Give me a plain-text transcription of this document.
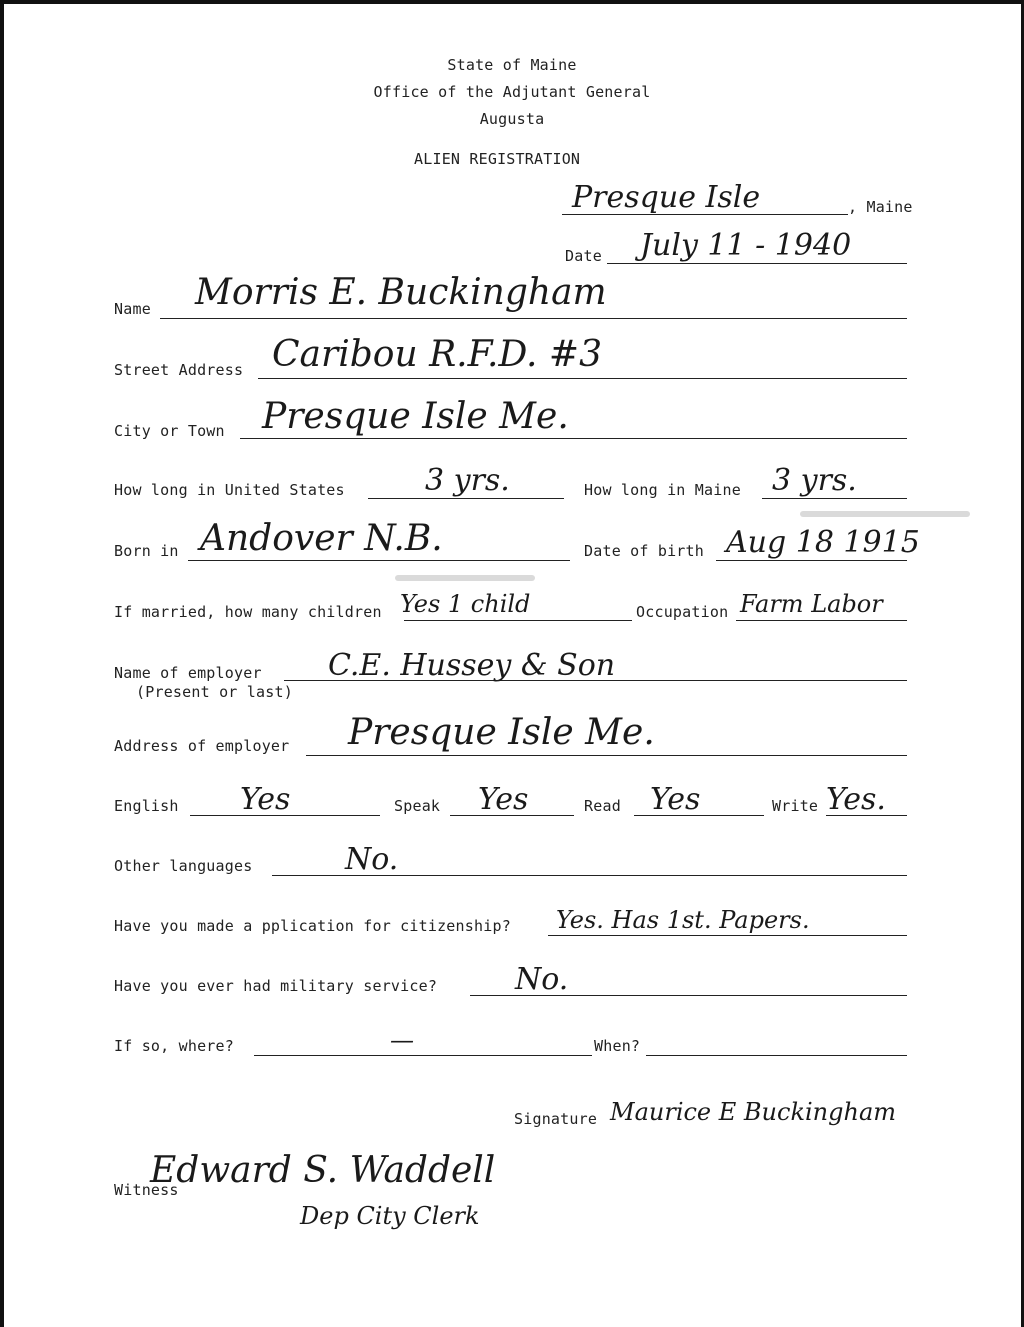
State of Maine
Office of the Adjutant General
Augusta
ALIEN REGISTRATION
Presque Isle	, Maine
Date July 11 - 1940
Name Morris E. Buckingham
Street Address Caribou R.F.D. #3
City or Town Presque Isle Me.
How long in United States	3 yrs.	How long in Maine 3 yrs.
Born in Andover N.B.	Date of birth Aug 18 1915
If married, how many children Yes 1 child	Occupation Farm Labor
Name of employer
(Present or last)
C.E. Hussey & Son
Address of employer Presque Isle Me.
English Yes	Speak Yes	Read Yes	Write Yes.
Other languages	No.
Have you made a pplication for citizenship? Yes. Has 1st. Papers.
Have you ever had military service?	No.
If so, where?	—	When?
Signature Maurice E Buckingham
Witness
Edward S. Waddell
Dep City Clerk
